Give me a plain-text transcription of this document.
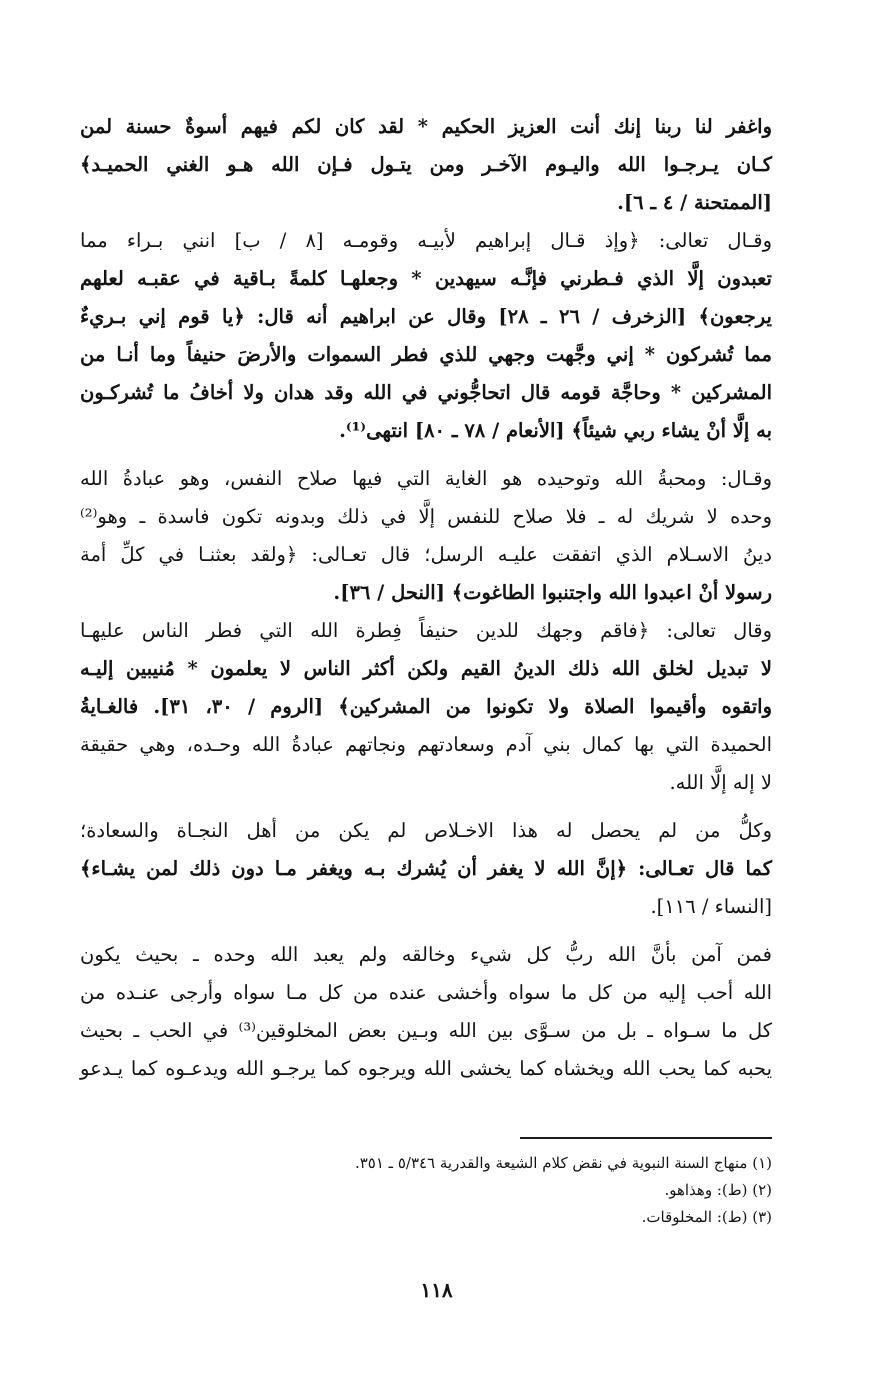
واغفر لنا ربنا إنك أنت العزيز الحكيم * لقد كان لكم فيهم أسوةٌ حسنة لمن
كـان يـرجـوا الله واليـوم الآخـر ومن يتـول فـإن الله هـو الغني الحميـد﴾
[الممتحنة / ٤ ـ ٦].
وقـال تعالى: ﴿وإذ قـال إبراهيم لأبيـه وقومـه [٨ / ب] انني بـراء مما
تعبدون إلَّا الذي فـطرني فإنَّـه سيهدين * وجعلهـا كلمةً بـاقية في عقبـه لعلهم
يرجعون﴾ [الزخرف / ٢٦ ـ ٢٨] وقال عن ابراهيم أنه قال: ﴿يا قوم إني بـريءٌ
مما تُشركون * إني وجَّهت وجهي للذي فطر السموات والأرضَ حنيفاً وما أنـا من
المشركين * وحاجَّة قومه قال اتحاجُّوني في الله وقد هدان ولا أخافُ ما تُشركـون
به إلَّا أنْ يشاء ربي شيئاً﴾ [الأنعام / ٧٨ ـ ٨٠] انتهى⁽¹⁾.
وقـال: ومحبةُ الله وتوحيده هو الغاية التي فيها صلاح النفس، وهو عبادةُ الله
وحده لا شريك له ـ فلا صلاح للنفس إلَّا في ذلك وبدونه تكون فاسدة ـ وهو⁽²⁾
دينُ الاسـلام الذي اتفقت عليـه الرسل؛ قال تعـالى: ﴿ولقد بعثنـا في كلِّ أمة
رسولا أنْ اعبدوا الله واجتنبوا الطاغوت﴾ [النحل / ٣٦].
وقال تعالى: ﴿فاقم وجهك للدين حنيفاً فِطرة الله التي فطر الناس عليهـا
لا تبديل لخلق الله ذلك الدينُ القيم ولكن أكثر الناس لا يعلمون * مُنيبين إليـه
واتقوه وأقيموا الصلاة ولا تكونوا من المشركين﴾ [الروم / ٣٠، ٣١]. فالغـايةُ
الحميدة التي بها كمال بني آدم وسعادتهم ونجاتهم عبادةُ الله وحـده، وهي حقيقة
لا إله إلَّا الله.
وكلُّ من لم يحصل له هذا الاخـلاص لم يكن من أهل النجـاة والسعادة؛
كما قال تعـالى: ﴿إنَّ الله لا يغفر أن يُشرك بـه ويغفر مـا دون ذلك لمن يشـاء﴾
[النساء / ١١٦].
فمن آمن بأنَّ الله ربُّ كل شيء وخالقه ولم يعبد الله وحده ـ بحيث يكون
الله أحب إليه من كل ما سواه وأخشى عنده من كل مـا سواه وأرجى عنـده من
كل ما سـواه ـ بل من سـوَّى بين الله وبـين بعض المخلوقين⁽³⁾ في الحب ـ بحيث
يحبه كما يحب الله ويخشاه كما يخشى الله ويرجوه كما يرجـو الله ويدعـوه كما يـدعو
(١) منهاج السنة النبوية في نقض كلام الشيعة والقدرية ٥/٣٤٦ ـ ٣٥١.
(٢) (ط): وهذاهو.
(٣) (ط): المخلوقات.
١١٨
